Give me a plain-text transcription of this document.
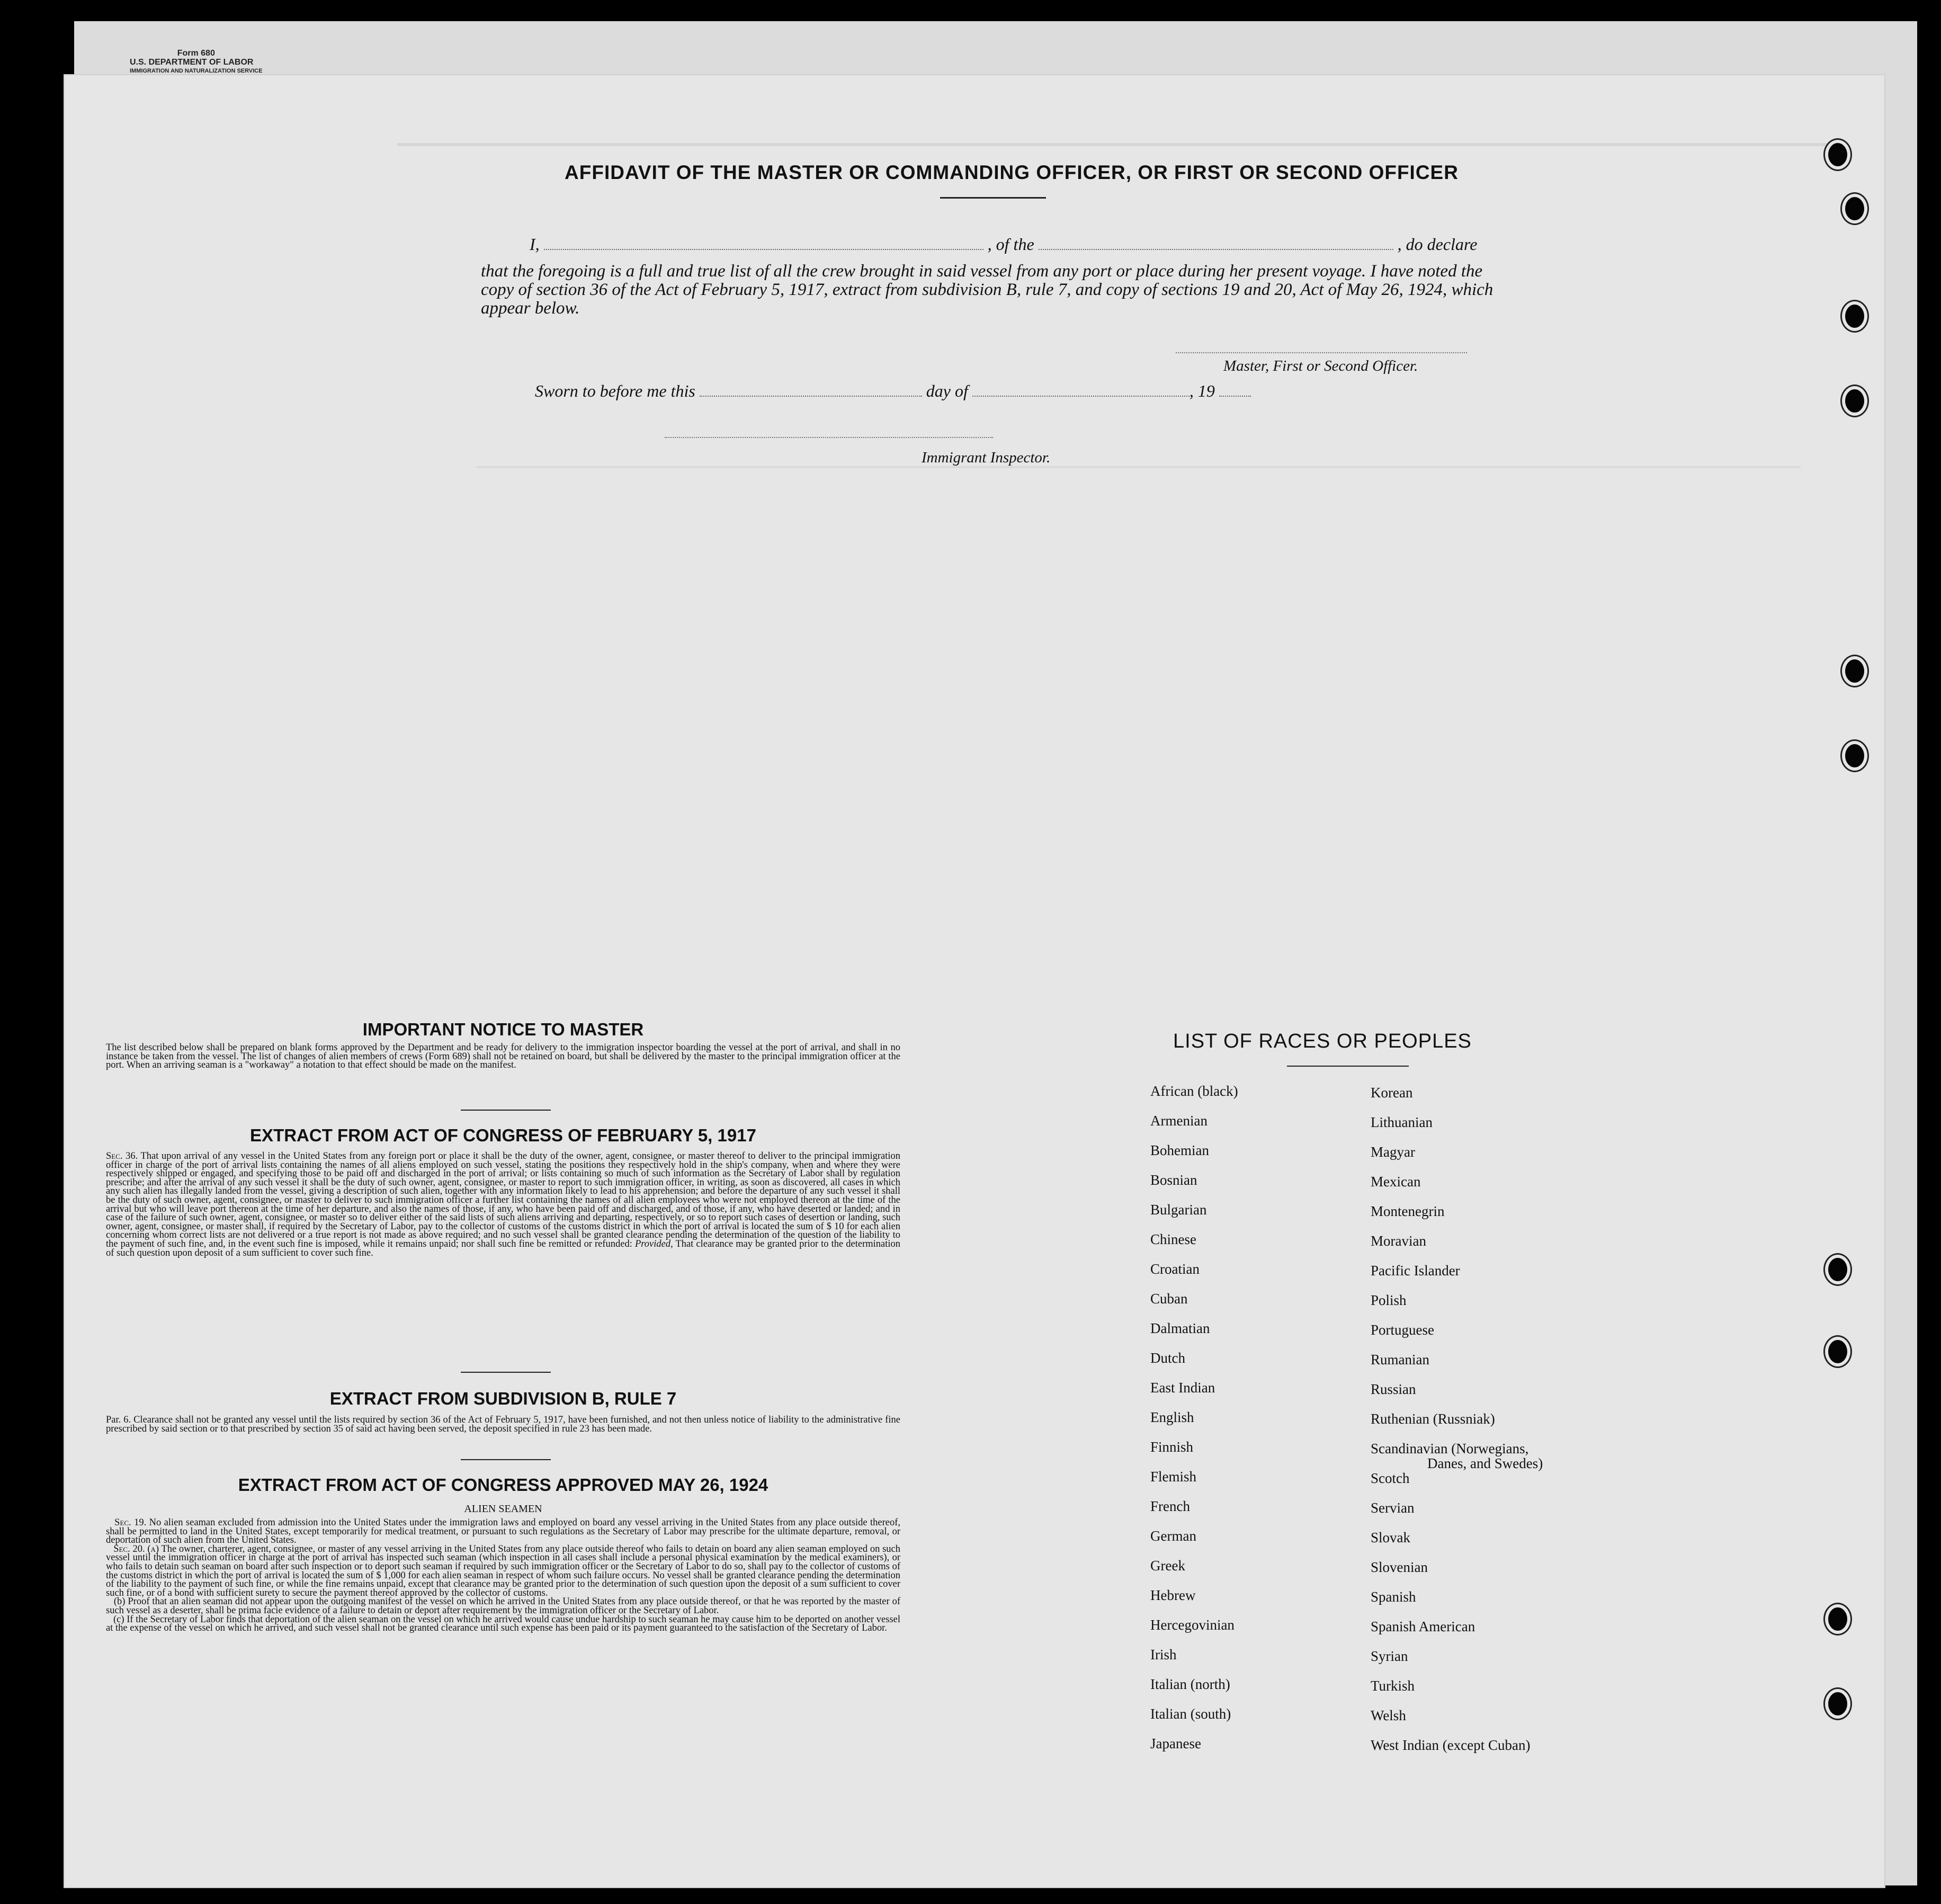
Form 680
U.S. DEPARTMENT OF LABOR
IMMIGRATION AND NATURALIZATION SERVICE
AFFIDAVIT OF THE MASTER OR COMMANDING OFFICER, OR FIRST OR SECOND OFFICER
I,	, of the	, do declare
that the foregoing is a full and true list of all the crew brought in said vessel from any port or place during her present voyage. I have noted the copy of section 36 of the Act of February 5, 1917, extract from subdivision B, rule 7, and copy of sections 19 and 20, Act of May 26, 1924, which appear below.
Master, First or Second Officer.
Sworn to before me this	day of	, 19
Immigrant Inspector.
IMPORTANT NOTICE TO MASTER
The list described below shall be prepared on blank forms approved by the Department and be ready for delivery to the immigration inspector boarding the vessel at the port of arrival, and shall in no instance be taken from the vessel. The list of changes of alien members of crews (Form 689) shall not be retained on board, but shall be delivered by the master to the principal immigration officer at the port. When an arriving seaman is a "workaway" a notation to that effect should be made on the manifest.
EXTRACT FROM ACT OF CONGRESS OF FEBRUARY 5, 1917

Sec. 36. That upon arrival of any vessel in the United States from any foreign port or place it shall be the duty of the owner, agent, consignee, or master thereof to deliver to the principal immigration officer in charge of the port of arrival lists containing the names of all aliens employed on such vessel, stating the positions they respectively hold in the ship's company, when and where they were respectively shipped or engaged, and specifying those to be paid off and discharged in the port of arrival; or lists containing so much of such information as the Secretary of Labor shall by regulation prescribe; and after the arrival of any such vessel it shall be the duty of such owner, agent, consignee, or master to report to such immigration officer, in writing, as soon as discovered, all cases in which any such alien has illegally landed from the vessel, giving a description of such alien, together with any information likely to lead to his apprehension; and before the departure of any such vessel it shall be the duty of such owner, agent, consignee, or master to deliver to such immigration officer a further list containing the names of all alien employees who were not employed thereon at the time of the arrival but who will leave port thereon at the time of her departure, and also the names of those, if any, who have been paid off and discharged, and of those, if any, who have deserted or landed; and in case of the failure of such owner, agent, consignee, or master so to deliver either of the said lists of such aliens arriving and departing, respectively, or so to report such cases of desertion or landing, such owner, agent, consignee, or master shall, if required by the Secretary of Labor, pay to the collector of customs of the customs district in which the port of arrival is located the sum of $ 10 for each alien concerning whom correct lists are not delivered or a true report is not made as above required; and no such vessel shall be granted clearance pending the determination of the question of the liability to the payment of such fine, and, in the event such fine is imposed, while it remains unpaid; nor shall such fine be remitted or refunded: Provided, That clearance may be granted prior to the determination of such question upon deposit of a sum sufficient to cover such fine.

EXTRACT FROM SUBDIVISION B, RULE 7
Par. 6. Clearance shall not be granted any vessel until the lists required by section 36 of the Act of February 5, 1917, have been furnished, and not then unless notice of liability to the administrative fine prescribed by said section or to that prescribed by section 35 of said act having been served, the deposit specified in rule 23 has been made.
EXTRACT FROM ACT OF CONGRESS APPROVED MAY 26, 1924
ALIEN SEAMEN

Sec. 19. No alien seaman excluded from admission into the United States under the immigration laws and employed on board any vessel arriving in the United States from any place outside thereof, shall be permitted to land in the United States, except temporarily for medical treatment, or pursuant to such regulations as the Secretary of Labor may prescribe for the ultimate departure, removal, or deportation of such alien from the United States.

Sec. 20. (a) The owner, charterer, agent, consignee, or master of any vessel arriving in the United States from any place outside thereof who fails to detain on board any alien seaman employed on such vessel until the immigration officer in charge at the port of arrival has inspected such seaman (which inspection in all cases shall include a personal physical examination by the medical examiners), or who fails to detain such seaman on board after such inspection or to deport such seaman if required by such immigration officer or the Secretary of Labor to do so, shall pay to the collector of customs of the customs district in which the port of arrival is located the sum of $ 1,000 for each alien seaman in respect of whom such failure occurs. No vessel shall be granted clearance pending the determination of the liability to the payment of such fine, or while the fine remains unpaid, except that clearance may be granted prior to the determination of such question upon the deposit of a sum sufficient to cover such fine, or of a bond with sufficient surety to secure the payment thereof approved by the collector of customs.

(b) Proof that an alien seaman did not appear upon the outgoing manifest of the vessel on which he arrived in the United States from any place outside thereof, or that he was reported by the master of such vessel as a deserter, shall be prima facie evidence of a failure to detain or deport after requirement by the immigration officer or the Secretary of Labor.

(c) If the Secretary of Labor finds that deportation of the alien seaman on the vessel on which he arrived would cause undue hardship to such seaman he may cause him to be deported on another vessel at the expense of the vessel on which he arrived, and such vessel shall not be granted clearance until such expense has been paid or its payment guaranteed to the satisfaction of the Secretary of Labor.

LIST OF RACES OR PEOPLES
African (black)
Armenian
Bohemian
Bosnian
Bulgarian
Chinese
Croatian
Cuban
Dalmatian
Dutch
East Indian
English
Finnish
Flemish
French
German
Greek
Hebrew
Hercegovinian
Irish
Italian (north)
Italian (south)
Japanese
Korean
Lithuanian
Magyar
Mexican
Montenegrin
Moravian
Pacific Islander
Polish
Portuguese
Rumanian
Russian
Ruthenian (Russniak)
Scandinavian (Norwegians,
Danes, and Swedes)
Scotch
Servian
Slovak
Slovenian
Spanish
Spanish American
Syrian
Turkish
Welsh
West Indian (except Cuban)
